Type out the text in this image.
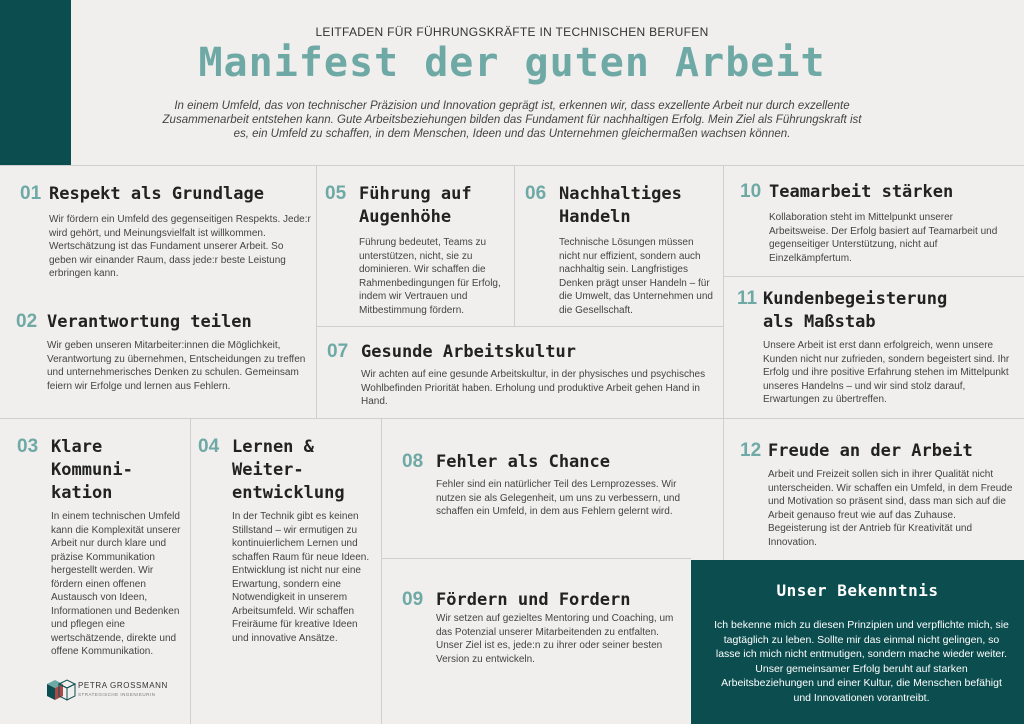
LEITFADEN FÜR FÜHRUNGSKRÄFTE IN TECHNISCHEN BERUFEN
Manifest der guten Arbeit

In einem Umfeld, das von technischer Präzision und Innovation geprägt ist, erkennen wir, dass exzellente Arbeit nur durch exzellente Zusammenarbeit entstehen kann. Gute Arbeitsbeziehungen bilden das Fundament für nachhaltigen Erfolg. Mein Ziel als Führungskraft ist es, ein Umfeld zu schaffen, in dem Menschen, Ideen und das Unternehmen gleichermaßen wachsen können.

01 Respekt als Grundlage

Wir fördern ein Umfeld des gegenseitigen Respekts. Jede:r wird gehört, und Meinungsvielfalt ist willkommen. Wertschätzung ist das Fundament unserer Arbeit. So geben wir einander Raum, dass jede:r beste Leistung erbringen kann.

02 Verantwortung teilen

Wir geben unseren Mitarbeiter:innen die Möglichkeit, Verantwortung zu übernehmen, Entscheidungen zu treffen und unternehmerisches Denken zu schulen. Gemeinsam feiern wir Erfolge und lernen aus Fehlern.

03 Klare
Kommuni-
kation

In einem technischen Umfeld kann die Komplexität unserer Arbeit nur durch klare und präzise Kommunikation hergestellt werden. Wir fördern einen offenen Austausch von Ideen, Informationen und Bedenken und pflegen eine wertschätzende, direkte und offene Kommunikation.

04 Lernen &
Weiter-
entwicklung

In der Technik gibt es keinen Stillstand – wir ermutigen zu kontinuierlichem Lernen und schaffen Raum für neue Ideen. Entwicklung ist nicht nur eine Erwartung, sondern eine Notwendigkeit in unserem Arbeitsumfeld. Wir schaffen Freiräume für kreative Ideen und innovative Ansätze.

05 Führung auf
Augenhöhe

Führung bedeutet, Teams zu unterstützen, nicht, sie zu dominieren. Wir schaffen die Rahmenbedingungen für Erfolg, indem wir Vertrauen und Mitbestimmung fördern.

06 Nachhaltiges
Handeln

Technische Lösungen müssen nicht nur effizient, sondern auch nachhaltig sein. Langfristiges Denken prägt unser Handeln – für die Umwelt, das Unternehmen und die Gesellschaft.

07 Gesunde Arbeitskultur

Wir achten auf eine gesunde Arbeitskultur, in der physisches und psychisches Wohlbefinden Priorität haben. Erholung und produktive Arbeit gehen Hand in Hand.

08 Fehler als Chance

Fehler sind ein natürlicher Teil des Lernprozesses. Wir nutzen sie als Gelegenheit, um uns zu verbessern, und schaffen ein Umfeld, in dem aus Fehlern gelernt wird.

09 Fördern und Fordern

Wir setzen auf gezieltes Mentoring und Coaching, um das Potenzial unserer Mitarbeitenden zu entfalten. Unser Ziel ist es, jede:n zu ihrer oder seiner besten Version zu entwickeln.

10 Teamarbeit stärken

Kollaboration steht im Mittelpunkt unserer Arbeitsweise. Der Erfolg basiert auf Teamarbeit und gegenseitiger Unterstützung, nicht auf Einzelkämpfertum.

11 Kundenbegeisterung
als Maßstab

Unsere Arbeit ist erst dann erfolgreich, wenn unsere Kunden nicht nur zufrieden, sondern begeistert sind. Ihr Erfolg und ihre positive Erfahrung stehen im Mittelpunkt unseres Handelns – und wir sind stolz darauf, Erwartungen zu übertreffen.

12 Freude an der Arbeit

Arbeit und Freizeit sollen sich in ihrer Qualität nicht unterscheiden. Wir schaffen ein Umfeld, in dem Freude und Motivation so präsent sind, dass man sich auf die Arbeit genauso freut wie auf das Zuhause. Begeisterung ist der Antrieb für Kreativität und Innovation.

Unser Bekenntnis

Ich bekenne mich zu diesen Prinzipien und verpflichte mich, sie tagtäglich zu leben. Sollte mir das einmal nicht gelingen, so lasse ich mich nicht entmutigen, sondern mache wieder weiter. Unser gemeinsamer Erfolg beruht auf starken Arbeitsbeziehungen und einer Kultur, die Menschen befähigt und Innovationen vorantreibt.

PETRA GROSSMANN
STRATEGISCHE INGENIEURIN
